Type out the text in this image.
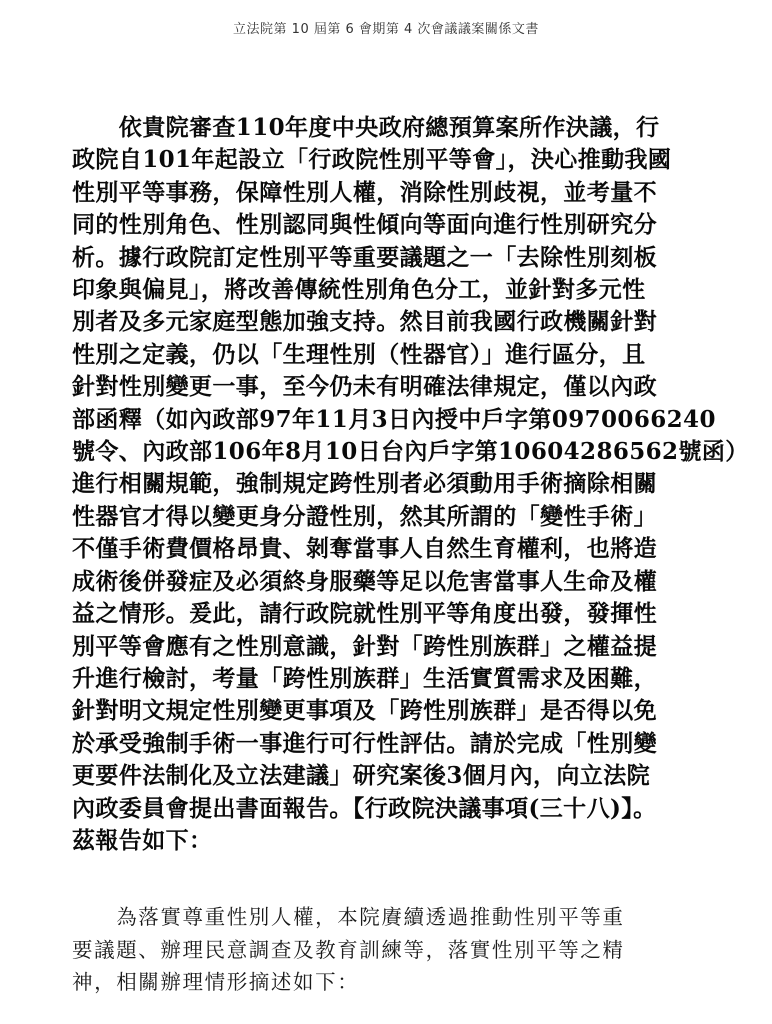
立法院第 10 屆第 6 會期第 4 次會議議案關係文書
　　依貴院審查110年度中央政府總預算案所作決議，行
政院自101年起設立「行政院性別平等會」，決心推動我國
性別平等事務，保障性別人權，消除性別歧視，並考量不
同的性別角色、性別認同與性傾向等面向進行性別研究分
析。據行政院訂定性別平等重要議題之一「去除性別刻板
印象與偏見」，將改善傳統性別角色分工，並針對多元性
別者及多元家庭型態加強支持。然目前我國行政機關針對
性別之定義，仍以「生理性別（性器官）」進行區分，且
針對性別變更一事，至今仍未有明確法律規定，僅以內政
部函釋（如內政部97年11月3日內授中戶字第0970066240
號令、內政部106年8月10日台內戶字第10604286562號函）
進行相關規範，強制規定跨性別者必須動用手術摘除相關
性器官才得以變更身分證性別，然其所謂的「變性手術」
不僅手術費價格昂貴、剝奪當事人自然生育權利，也將造
成術後併發症及必須終身服藥等足以危害當事人生命及權
益之情形。爰此，請行政院就性別平等角度出發，發揮性
別平等會應有之性別意識，針對「跨性別族群」之權益提
升進行檢討，考量「跨性別族群」生活實質需求及困難，
針對明文規定性別變更事項及「跨性別族群」是否得以免
於承受強制手術一事進行可行性評估。請於完成「性別變
更要件法制化及立法建議」研究案後3個月內，向立法院
內政委員會提出書面報告。【行政院決議事項(三十八)】。
茲報告如下：
　　為落實尊重性別人權，本院賡續透過推動性別平等重
要議題、辦理民意調查及教育訓練等，落實性別平等之精
神，相關辦理情形摘述如下：
